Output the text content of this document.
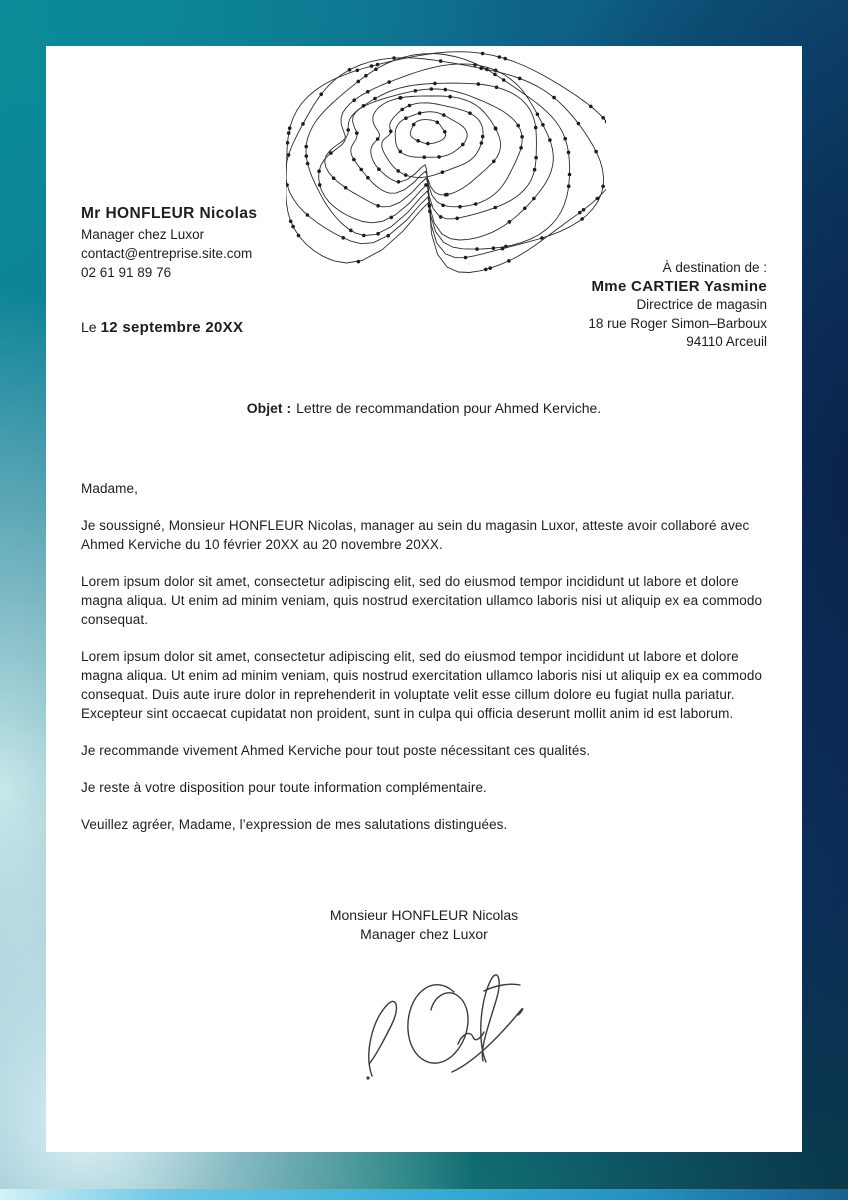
Mr HONFLEUR Nicolas
Manager chez Luxor
contact@entreprise.site.com
02 61 91 89 76	À destination de :
Mme CARTIER Yasmine
Directrice de magasin
18 rue Roger Simon–Barboux
94110 Arceuil
Le 12 septembre 20XX
Objet : Lettre de recommandation pour Ahmed Kerviche.

Madame,

Je soussigné, Monsieur HONFLEUR Nicolas, manager au sein du magasin Luxor, atteste avoir collaboré avec Ahmed Kerviche du 10 février 20XX au 20 novembre 20XX.

Lorem ipsum dolor sit amet, consectetur adipiscing elit, sed do eiusmod tempor incididunt ut labore et dolore magna aliqua. Ut enim ad minim veniam, quis nostrud exercitation ullamco laboris nisi ut aliquip ex ea commodo consequat.

Lorem ipsum dolor sit amet, consectetur adipiscing elit, sed do eiusmod tempor incididunt ut labore et dolore magna aliqua. Ut enim ad minim veniam, quis nostrud exercitation ullamco laboris nisi ut aliquip ex ea commodo consequat. Duis aute irure dolor in reprehenderit in voluptate velit esse cillum dolore eu fugiat nulla pariatur. Excepteur sint occaecat cupidatat non proident, sunt in culpa qui officia deserunt mollit anim id est laborum.

Je recommande vivement Ahmed Kerviche pour tout poste nécessitant ces qualités.

Je reste à votre disposition pour toute information complémentaire.

Veuillez agréer, Madame, l’expression de mes salutations distinguées.

Monsieur HONFLEUR Nicolas
Manager chez Luxor
